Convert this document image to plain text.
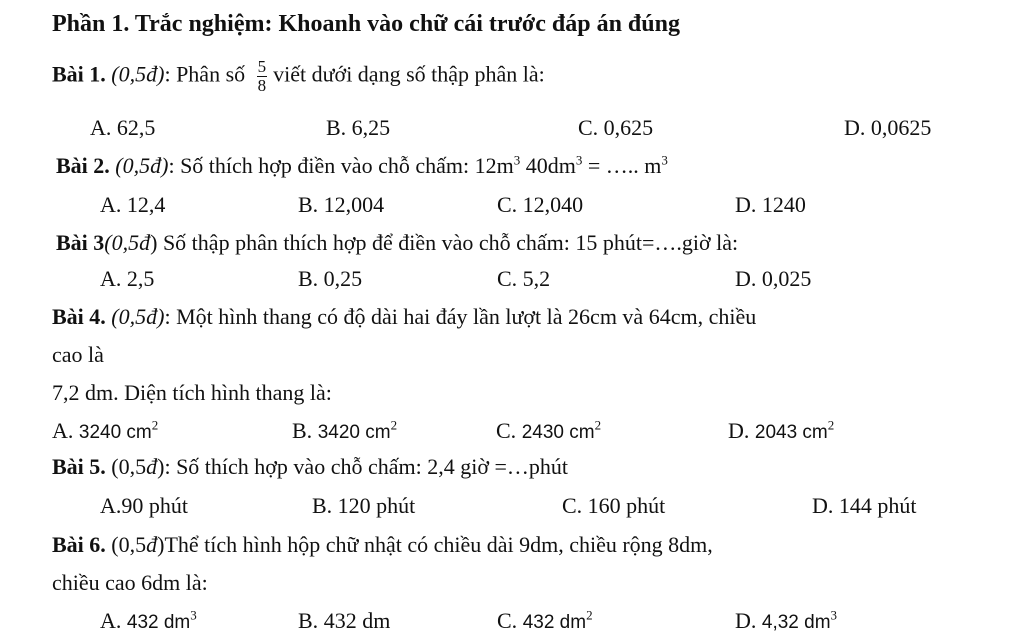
Phần 1. Trắc nghiệm: Khoanh vào chữ cái trước đáp án đúng
Bài 1. (0,5đ): Phân số $\frac{5}{8}$ viết dưới dạng số thập phân là:
A. 62,5	B. 6,25	C. 0,625	D. 0,0625
Bài 2. (0,5đ): Số thích hợp điền vào chỗ chấm: $12m^3$ $40dm^3$ = ….. $m^3$
A. 12,4	B. 12,004	C. 12,040	D. 1240
Bài 3(0,5đ) Số thập phân thích hợp để điền vào chỗ chấm: 15 phút=….giờ là:
A. 2,5	B. 0,25	C. 5,2	D. 0,025
Bài 4. (0,5đ): Một hình thang có độ dài hai đáy lần lượt là 26cm và 64cm, chiều
cao là
7,2 dm. Diện tích hình thang là:
A. 3240 $cm^2$	B. 3420 $cm^2$	C. 2430 $cm^2$	D. 2043 $cm^2$
Bài 5. (0,5đ): Số thích hợp vào chỗ chấm: 2,4 giờ =…phút
A.90 phút	B. 120 phút	C. 160 phút	D. 144 phút
Bài 6. (0,5đ)Thể tích hình hộp chữ nhật có chiều dài 9dm, chiều rộng 8dm,
chiều cao 6dm là:
A. 432 $dm^3$	B. 432 dm	C. 432 $dm^2$	D. 4,32 $dm^3$
